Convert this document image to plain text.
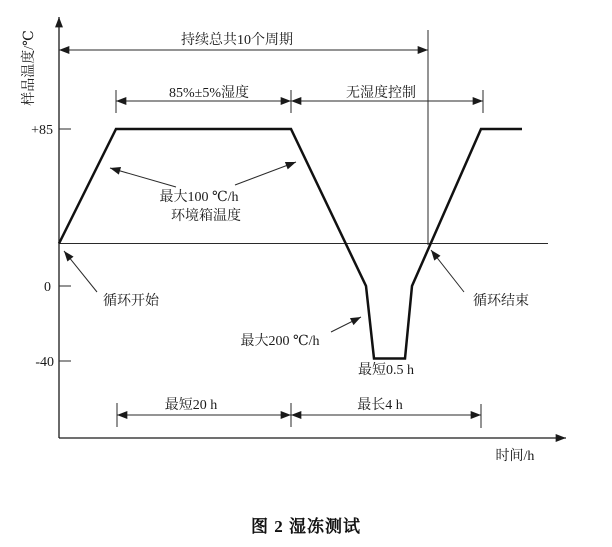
+85
0
-40
样品温度/℃
时间/h
持续总共10个周期
85%±5%湿度	无湿度控制
最大100 ℃/h
环境箱温度
循环开始	循环结束
最大200 ℃/h
最短0.5 h
最短20 h	最长4 h
图 2 湿冻测试
